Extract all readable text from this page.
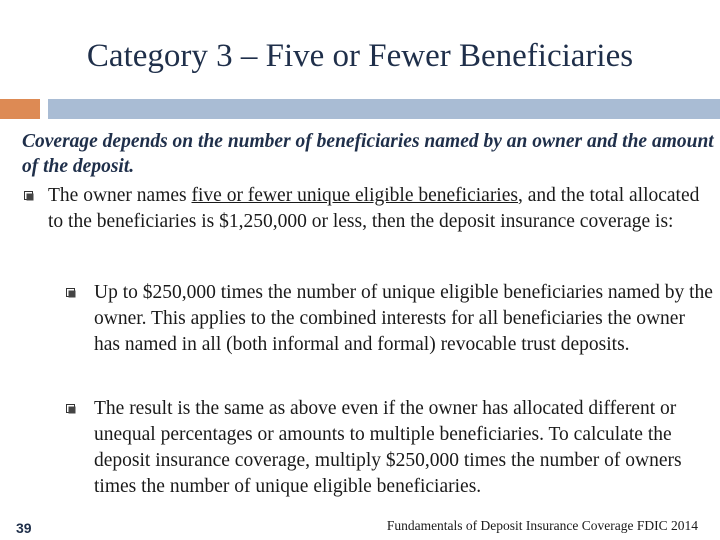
Category 3 – Five or Fewer Beneficiaries
Coverage depends on the number of beneficiaries named by an owner and the amount of the deposit.
The owner names five or fewer unique eligible beneficiaries, and the total allocated to the beneficiaries is $1,250,000 or less, then the deposit insurance coverage is:
Up to $250,000 times the number of unique eligible beneficiaries named by the owner. This applies to the combined interests for all beneficiaries the owner has named in all (both informal and formal) revocable trust deposits.
The result is the same as above even if the owner has allocated different or unequal percentages or amounts to multiple beneficiaries. To calculate the deposit insurance coverage, multiply $250,000 times the number of owners times the number of unique eligible beneficiaries.
39	Fundamentals of Deposit Insurance Coverage FDIC 2014
